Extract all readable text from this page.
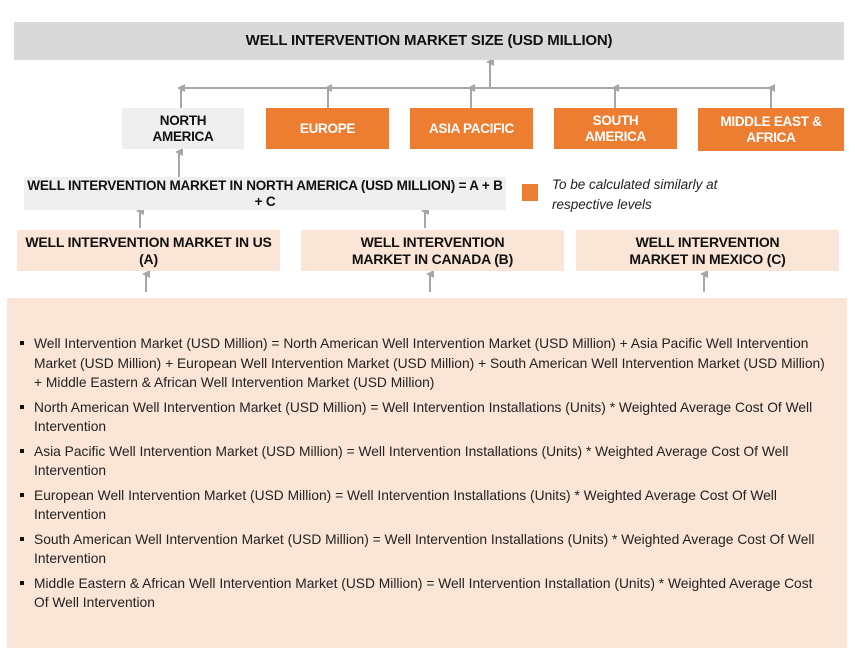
WELL INTERVENTION MARKET SIZE (USD MILLION)
NORTH AMERICA
EUROPE	ASIA PACIFIC
SOUTH AMERICA
MIDDLE EAST & AFRICA
WELL INTERVENTION MARKET IN NORTH AMERICA (USD MILLION) = A + B + C
To be calculated similarly at respective levels
WELL INTERVENTION MARKET IN US (A)
WELL INTERVENTION MARKET IN CANADA (B)
WELL INTERVENTION MARKET IN MEXICO (C)
Well Intervention Market (USD Million) = North American Well Intervention Market (USD Million) + Asia Pacific Well Intervention Market (USD Million) + European Well Intervention Market (USD Million) + South American Well Intervention Market (USD Million) + Middle Eastern & African Well Intervention Market (USD Million)
North American Well Intervention Market (USD Million) = Well Intervention Installations (Units) * Weighted Average Cost Of Well Intervention
Asia Pacific Well Intervention Market (USD Million) = Well Intervention Installations (Units) * Weighted Average Cost Of Well Intervention
European Well Intervention Market (USD Million) = Well Intervention Installations (Units) * Weighted Average Cost Of Well Intervention
South American Well Intervention Market (USD Million) = Well Intervention Installations (Units) * Weighted Average Cost Of Well Intervention
Middle Eastern & African Well Intervention Market (USD Million) = Well Intervention Installation (Units) * Weighted Average Cost Of Well Intervention
